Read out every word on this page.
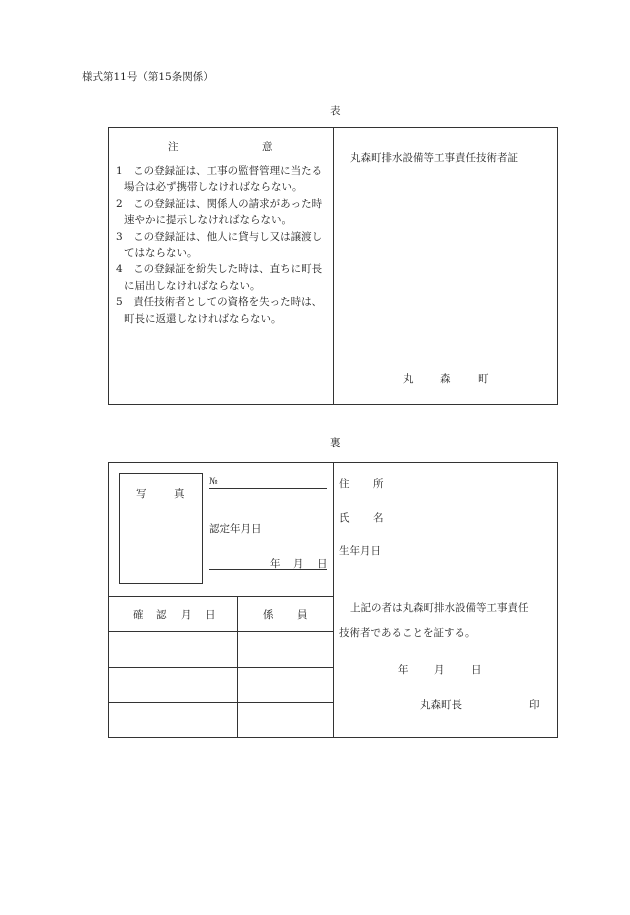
様式第11号（第15条関係）
表
注	意

1　 この登録証は、工事の監督管理に当たる場合は必ず携帯しなければならない。

2　 この登録証は、関係人の請求があった時速やかに提示しなければならない。

3　 この登録証は、他人に貸与し又は譲渡してはならない。

4　 この登録証を紛失した時は、直ちに町長に届出しなければならない。

5　 責任技術者としての資格を失った時は、町長に返還しなければならない。

丸森町排水設備等工事責任技術者証
丸	森	町
裏
写	真
№
認定年月日
年 月 日
確 認 月 日	係 員
住 所
氏 名
生年月日
上記の者は丸森町排水設備等工事責任
技術者であることを証する。
年 月	日
丸森町長	印
